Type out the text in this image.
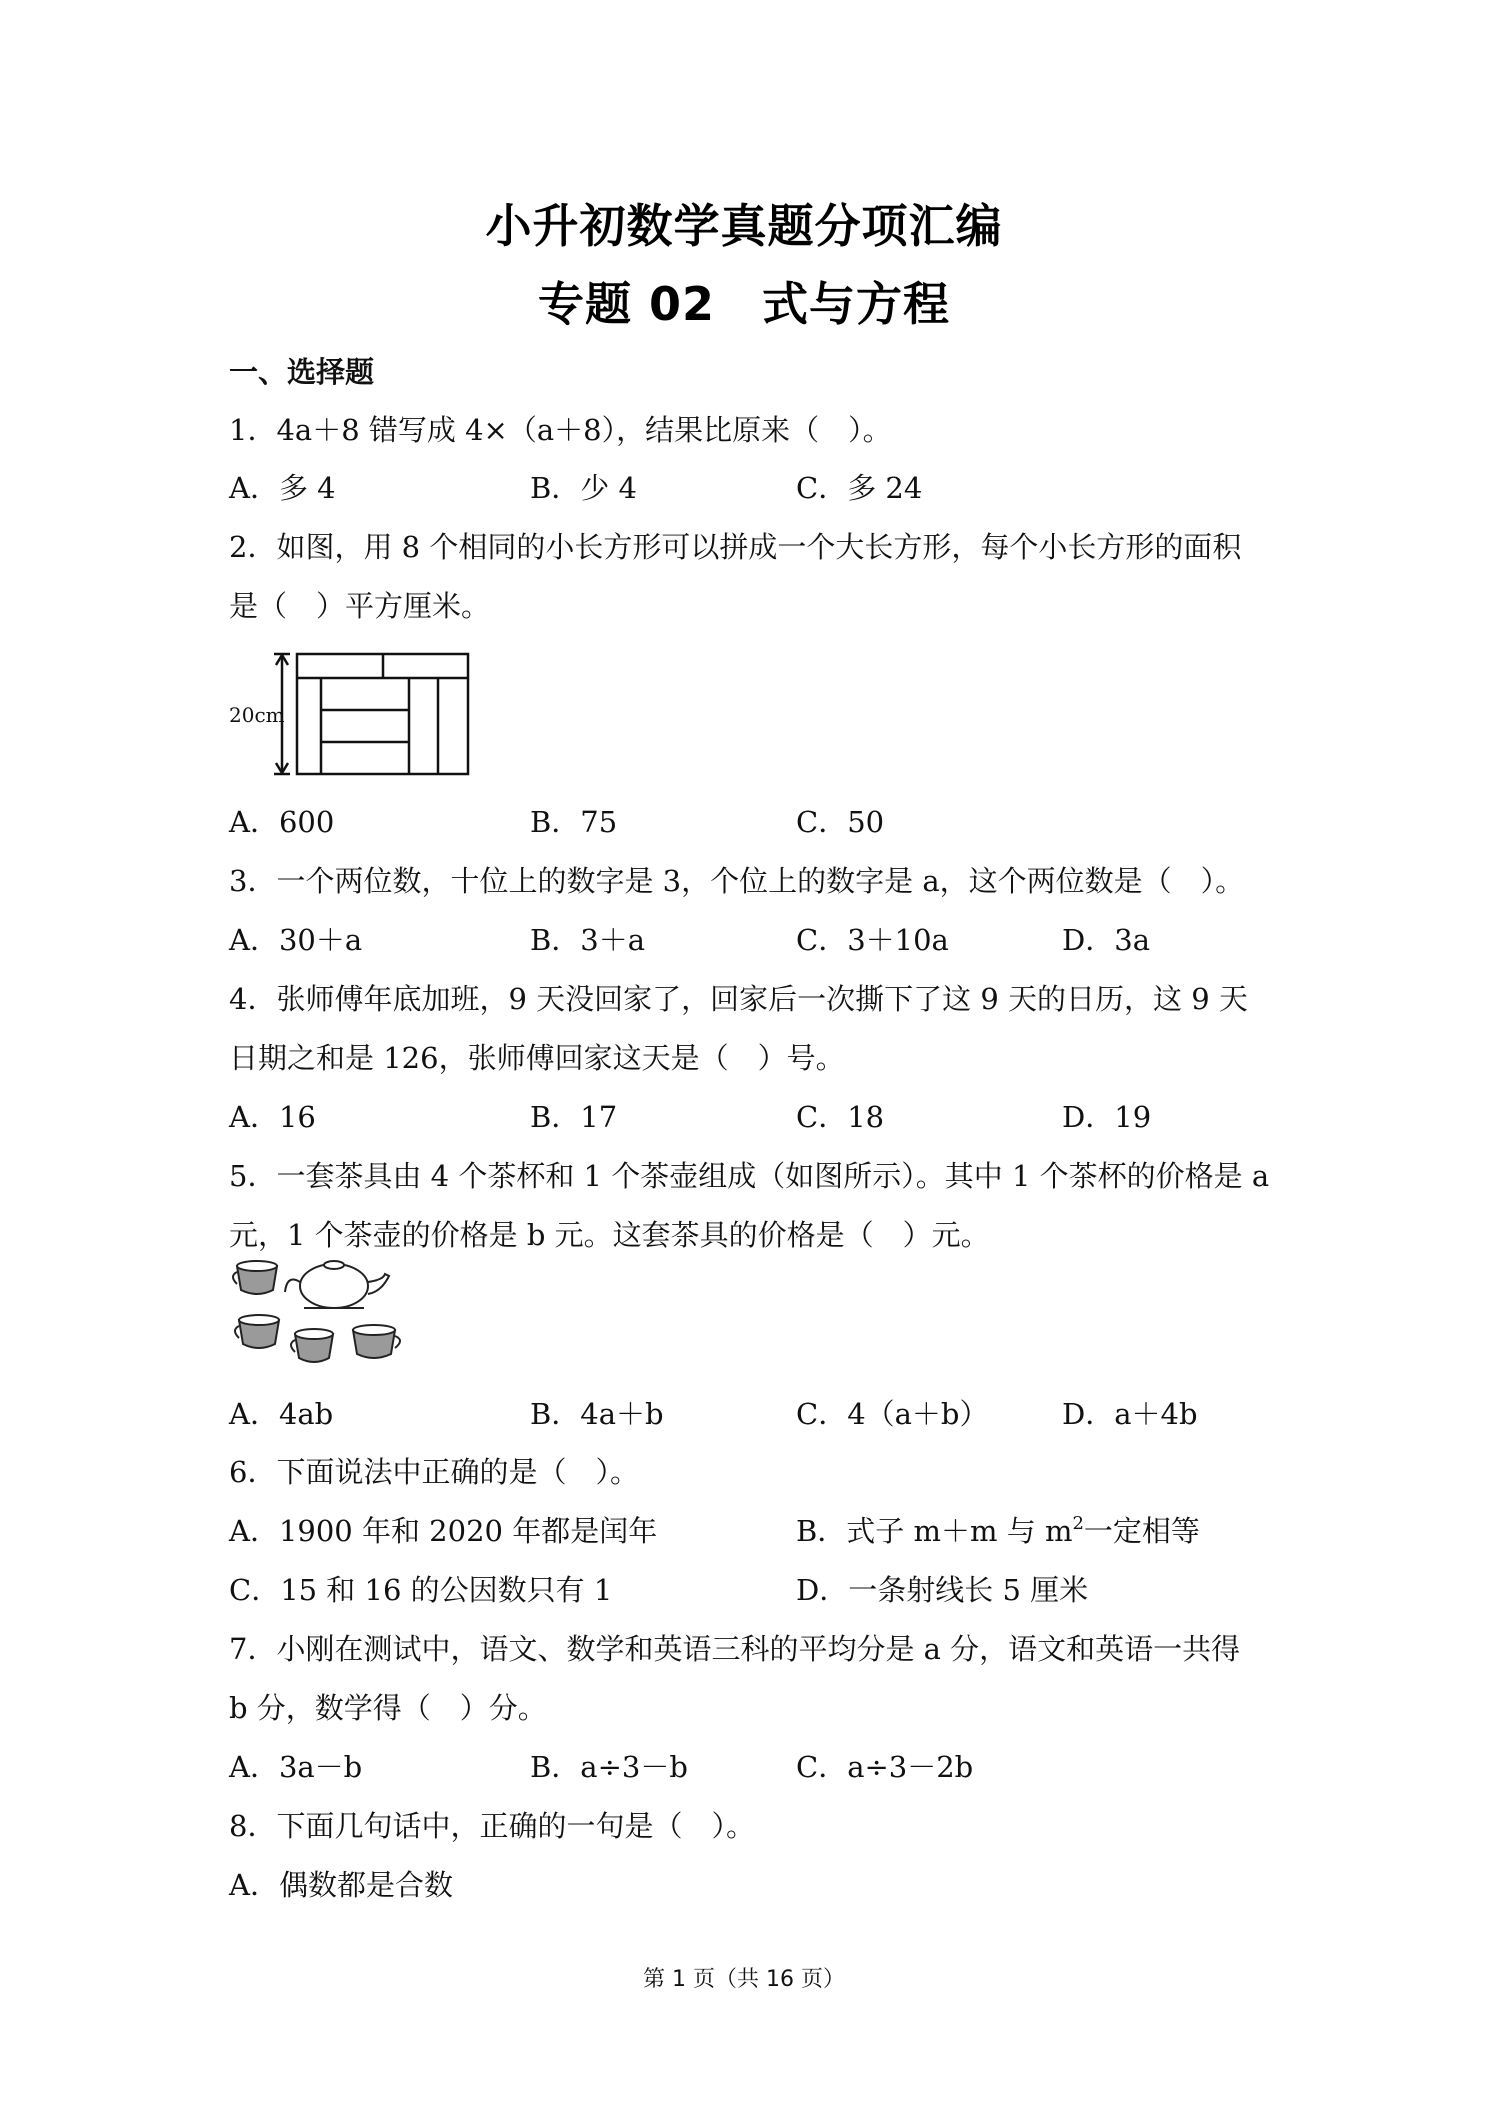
小升初数学真题分项汇编
专题 02　式与方程
一、选择题
1．4a＋8 错写成 4×（a＋8），结果比原来（　）。
A．多 4	B．少 4	C．多 24
2．如图，用 8 个相同的小长方形可以拼成一个大长方形，每个小长方形的面积
是（　）平方厘米。
20cm
A．600	B．75	C．50
3．一个两位数，十位上的数字是 3，个位上的数字是 a，这个两位数是（　）。
A．30＋a	B．3＋a	C．3＋10a	D．3a
4．张师傅年底加班，9 天没回家了，回家后一次撕下了这 9 天的日历，这 9 天
日期之和是 126，张师傅回家这天是（　）号。
A．16	B．17	C．18	D．19
5．一套茶具由 4 个茶杯和 1 个茶壶组成（如图所示）。其中 1 个茶杯的价格是 a
元，1 个茶壶的价格是 b 元。这套茶具的价格是（　）元。
A．4ab	B．4a＋b	C．4（a＋b）	D．a＋4b
6．下面说法中正确的是（　）。
A．1900 年和 2020 年都是闰年	B．式子 m＋m 与 $m^2$一定相等
C．15 和 16 的公因数只有 1	D．一条射线长 5 厘米
7．小刚在测试中，语文、数学和英语三科的平均分是 a 分，语文和英语一共得
b 分，数学得（　）分。
A．3a－b	B．a÷3－b	C．a÷3－2b
8．下面几句话中，正确的一句是（　）。
A．偶数都是合数
第 1 页（共 16 页）
